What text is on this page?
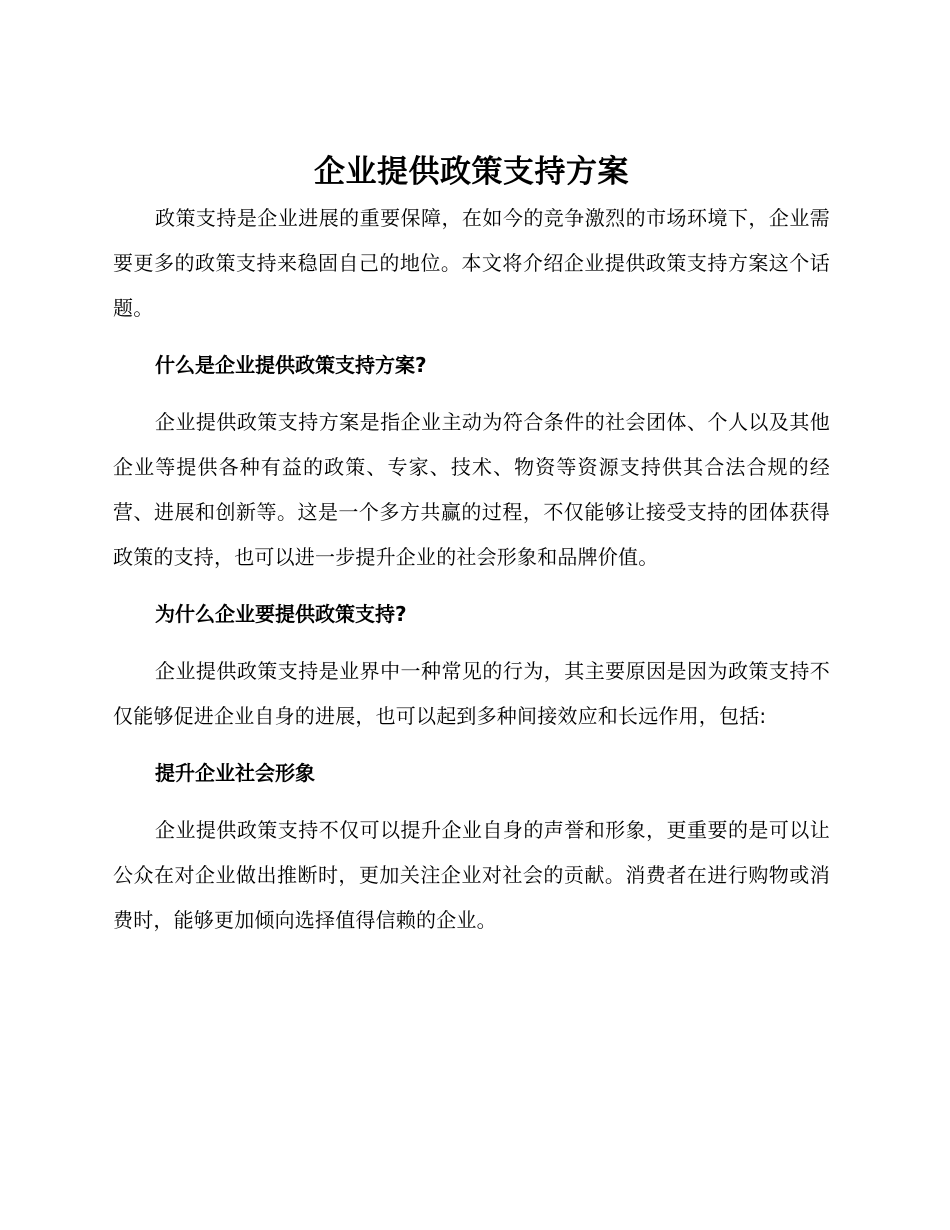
企业提供政策支持方案

政策支持是企业进展的重要保障，在如今的竞争激烈的市场环境下，企业需要更多的政策支持来稳固自己的地位。本文将介绍企业提供政策支持方案这个话题。

什么是企业提供政策支持方案?

企业提供政策支持方案是指企业主动为符合条件的社会团体、个人以及其他企业等提供各种有益的政策、专家、技术、物资等资源支持供其合法合规的经营、进展和创新等。这是一个多方共赢的过程，不仅能够让接受支持的团体获得政策的支持，也可以进一步提升企业的社会形象和品牌价值。

为什么企业要提供政策支持?

企业提供政策支持是业界中一种常见的行为，其主要原因是因为政策支持不仅能够促进企业自身的进展，也可以起到多种间接效应和长远作用，包括:

提升企业社会形象

企业提供政策支持不仅可以提升企业自身的声誉和形象，更重要的是可以让公众在对企业做出推断时，更加关注企业对社会的贡献。消费者在进行购物或消费时，能够更加倾向选择值得信赖的企业。
